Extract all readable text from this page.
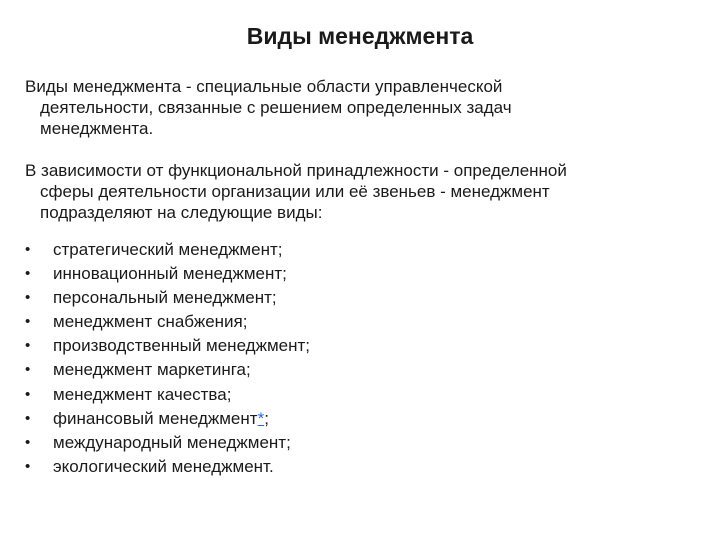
Виды менеджмента

Виды менеджмента - специальные области управленческой
деятельности, связанные с решением определенных задач
менеджмента.

В зависимости от функциональной принадлежности - определенной
сферы деятельности организации или её звеньев - менеджмент
подразделяют на следующие виды:

• стратегический менеджмент;
• инновационный менеджмент;
• персональный менеджмент;
• менеджмент снабжения;
• производственный менеджмент;
• менеджмент маркетинга;
• менеджмент качества;
• финансовый менеджмент*;
• международный менеджмент;
• экологический менеджмент.
